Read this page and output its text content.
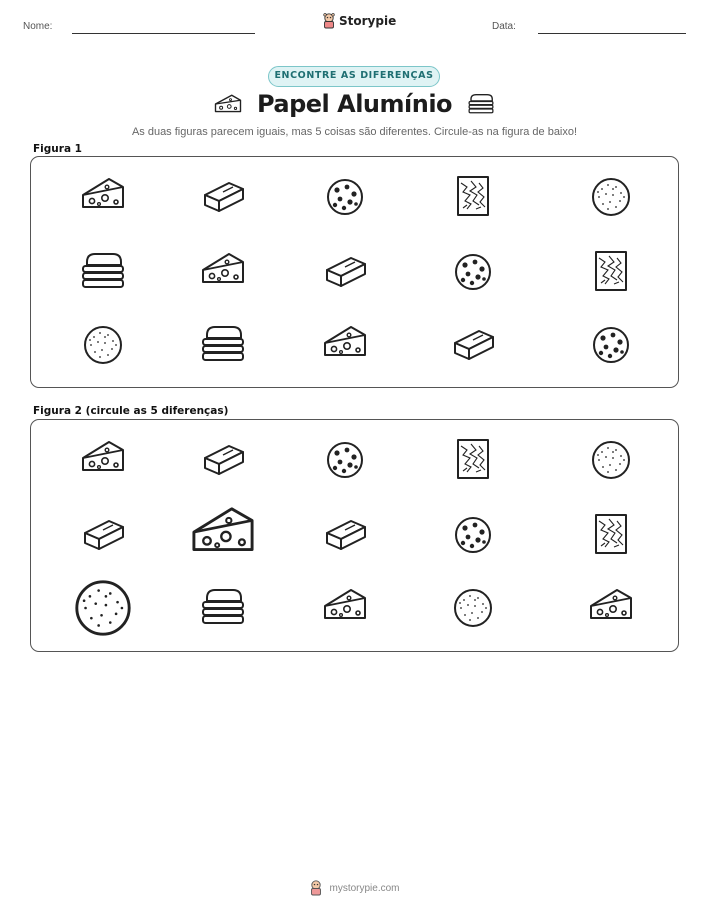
Nome:	Storypie	Data:
ENCONTRE AS DIFERENÇAS
Papel Alumínio
As duas figuras parecem iguais, mas 5 coisas são diferentes. Circule-as na figura de baixo!
Figura 1
Figura 2 (circule as 5 diferenças)
mystorypie.com
